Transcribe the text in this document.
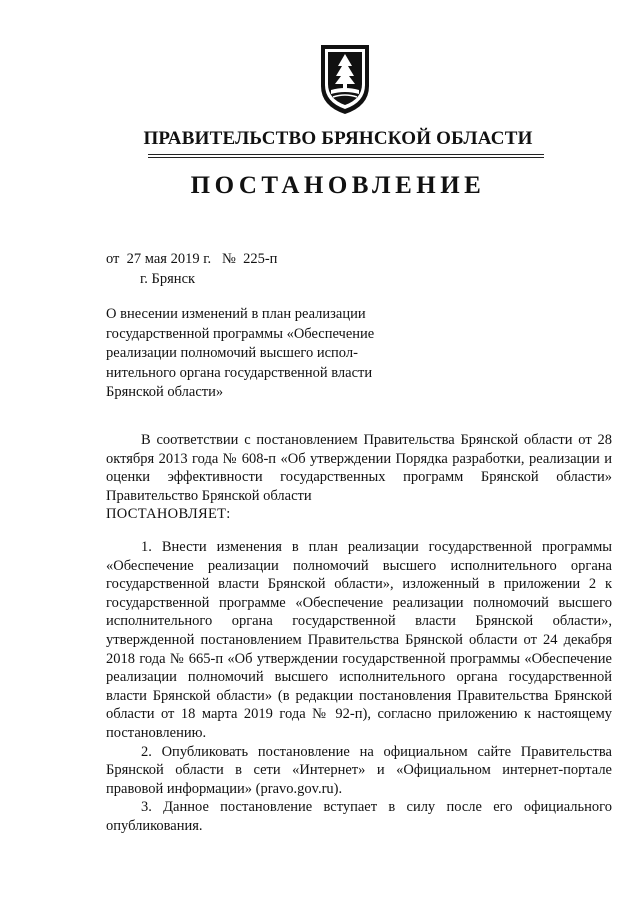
ПРАВИТЕЛЬСТВО БРЯНСКОЙ ОБЛАСТИ
ПОСТАНОВЛЕНИЕ
от  27 мая 2019 г.   №  225-п
г. Брянск
О внесении изменений в план реализации
государственной программы «Обеспечение
реализации полномочий высшего испол-
нительного органа государственной власти
Брянской области»

В соответствии с постановлением Правительства Брянской области от 28 октября 2013 года № 608-п «Об утверждении Порядка разработки, реализации и оценки эффективности государственных программ Брянской области» Правительство Брянской области

ПОСТАНОВЛЯЕТ:

1. Внести изменения в план реализации государственной программы «Обеспечение реализации полномочий высшего исполнительного органа государственной власти Брянской области», изложенный в приложении 2 к государственной программе «Обеспечение реализации полномочий высшего исполнительного органа государственной власти Брянской области», утвержденной постановлением Правительства Брянской области от 24 декабря 2018 года № 665-п «Об утверждении государственной программы «Обеспечение реализации полномочий высшего исполнительного органа государственной власти Брянской области» (в редакции постановления Правительства Брянской области от 18 марта 2019 года № 92-п), согласно приложению к настоящему постановлению.

2. Опубликовать постановление на официальном сайте Правительства Брянской области в сети «Интернет» и «Официальном интернет-портале правовой информации» (pravo.gov.ru).

3. Данное постановление вступает в силу после его официального опубликования.
